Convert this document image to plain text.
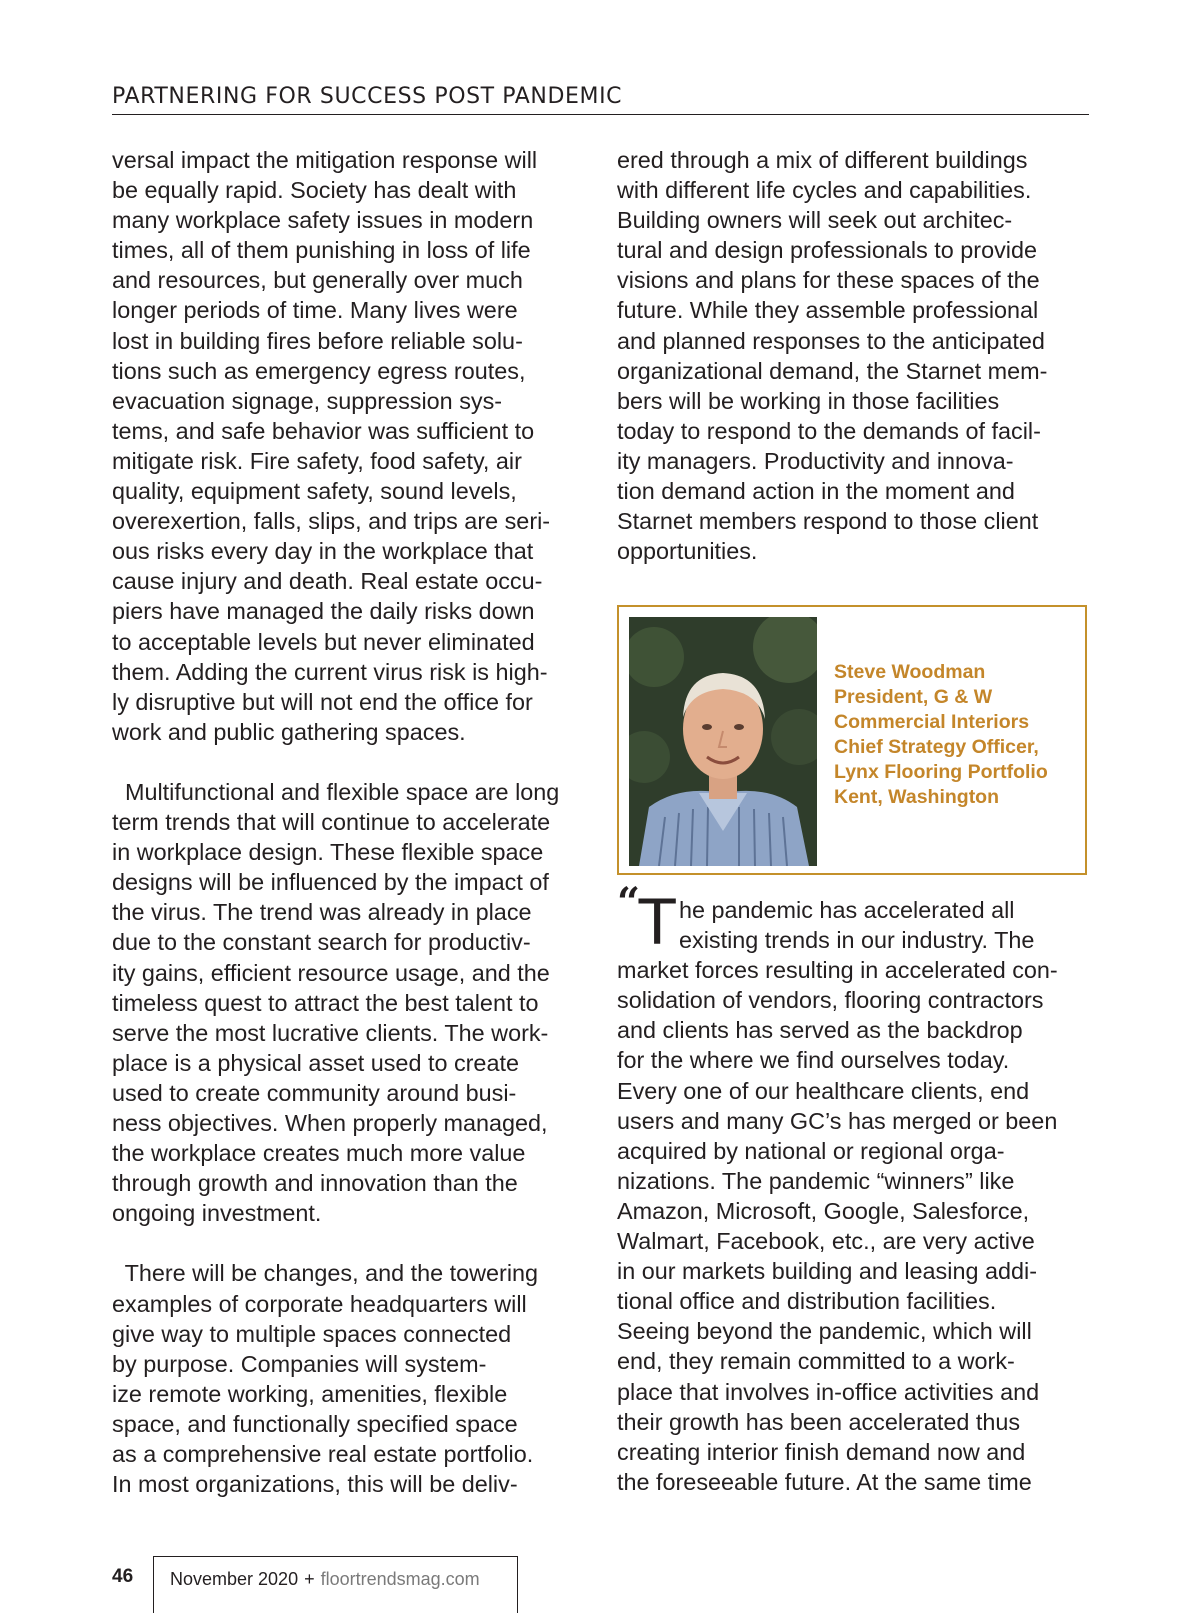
PARTNERING FOR SUCCESS POST PANDEMIC
versal impact the mitigation response will
be equally rapid. Society has dealt with
many workplace safety issues in modern
times, all of them punishing in loss of life
and resources, but generally over much
longer periods of time. Many lives were
lost in building fires before reliable solu-
tions such as emergency egress routes,
evacuation signage, suppression sys-
tems, and safe behavior was sufficient to
mitigate risk. Fire safety, food safety, air
quality, equipment safety, sound levels,
overexertion, falls, slips, and trips are seri-
ous risks every day in the workplace that
cause injury and death. Real estate occu-
piers have managed the daily risks down
to acceptable levels but never eliminated
them. Adding the current virus risk is high-
ly disruptive but will not end the office for
work and public gathering spaces.
Multifunctional and flexible space are long
term trends that will continue to accelerate
in workplace design. These flexible space
designs will be influenced by the impact of
the virus. The trend was already in place
due to the constant search for productiv-
ity gains, efficient resource usage, and the
timeless quest to attract the best talent to
serve the most lucrative clients. The work-
place is a physical asset used to create
used to create community around busi-
ness objectives. When properly managed,
the workplace creates much more value
through growth and innovation than the
ongoing investment.
There will be changes, and the towering
examples of corporate headquarters will
give way to multiple spaces connected
by purpose. Companies will system-
ize remote working, amenities, flexible
space, and functionally specified space
as a comprehensive real estate portfolio.
In most organizations, this will be deliv-
ered through a mix of different buildings
with different life cycles and capabilities.
Building owners will seek out architec-
tural and design professionals to provide
visions and plans for these spaces of the
future. While they assemble professional
and planned responses to the anticipated
organizational demand, the Starnet mem-
bers will be working in those facilities
today to respond to the demands of facil-
ity managers. Productivity and innova-
tion demand action in the moment and
Starnet members respond to those client
opportunities.
Steve Woodman
President, G & W
Commercial Interiors
Chief Strategy Officer,
Lynx Flooring Portfolio
Kent, Washington
“
T he pandemic has accelerated all
existing trends in our industry. The
market forces resulting in accelerated con-
solidation of vendors, flooring contractors
and clients has served as the backdrop
for the where we find ourselves today.
Every one of our healthcare clients, end
users and many GC’s has merged or been
acquired by national or regional orga-
nizations. The pandemic “winners” like
Amazon, Microsoft, Google, Salesforce,
Walmart, Facebook, etc., are very active
in our markets building and leasing addi-
tional office and distribution facilities.
Seeing beyond the pandemic, which will
end, they remain committed to a work-
place that involves in-office activities and
their growth has been accelerated thus
creating interior finish demand now and
the foreseeable future. At the same time
46 November 2020 + floortrendsmag.com
